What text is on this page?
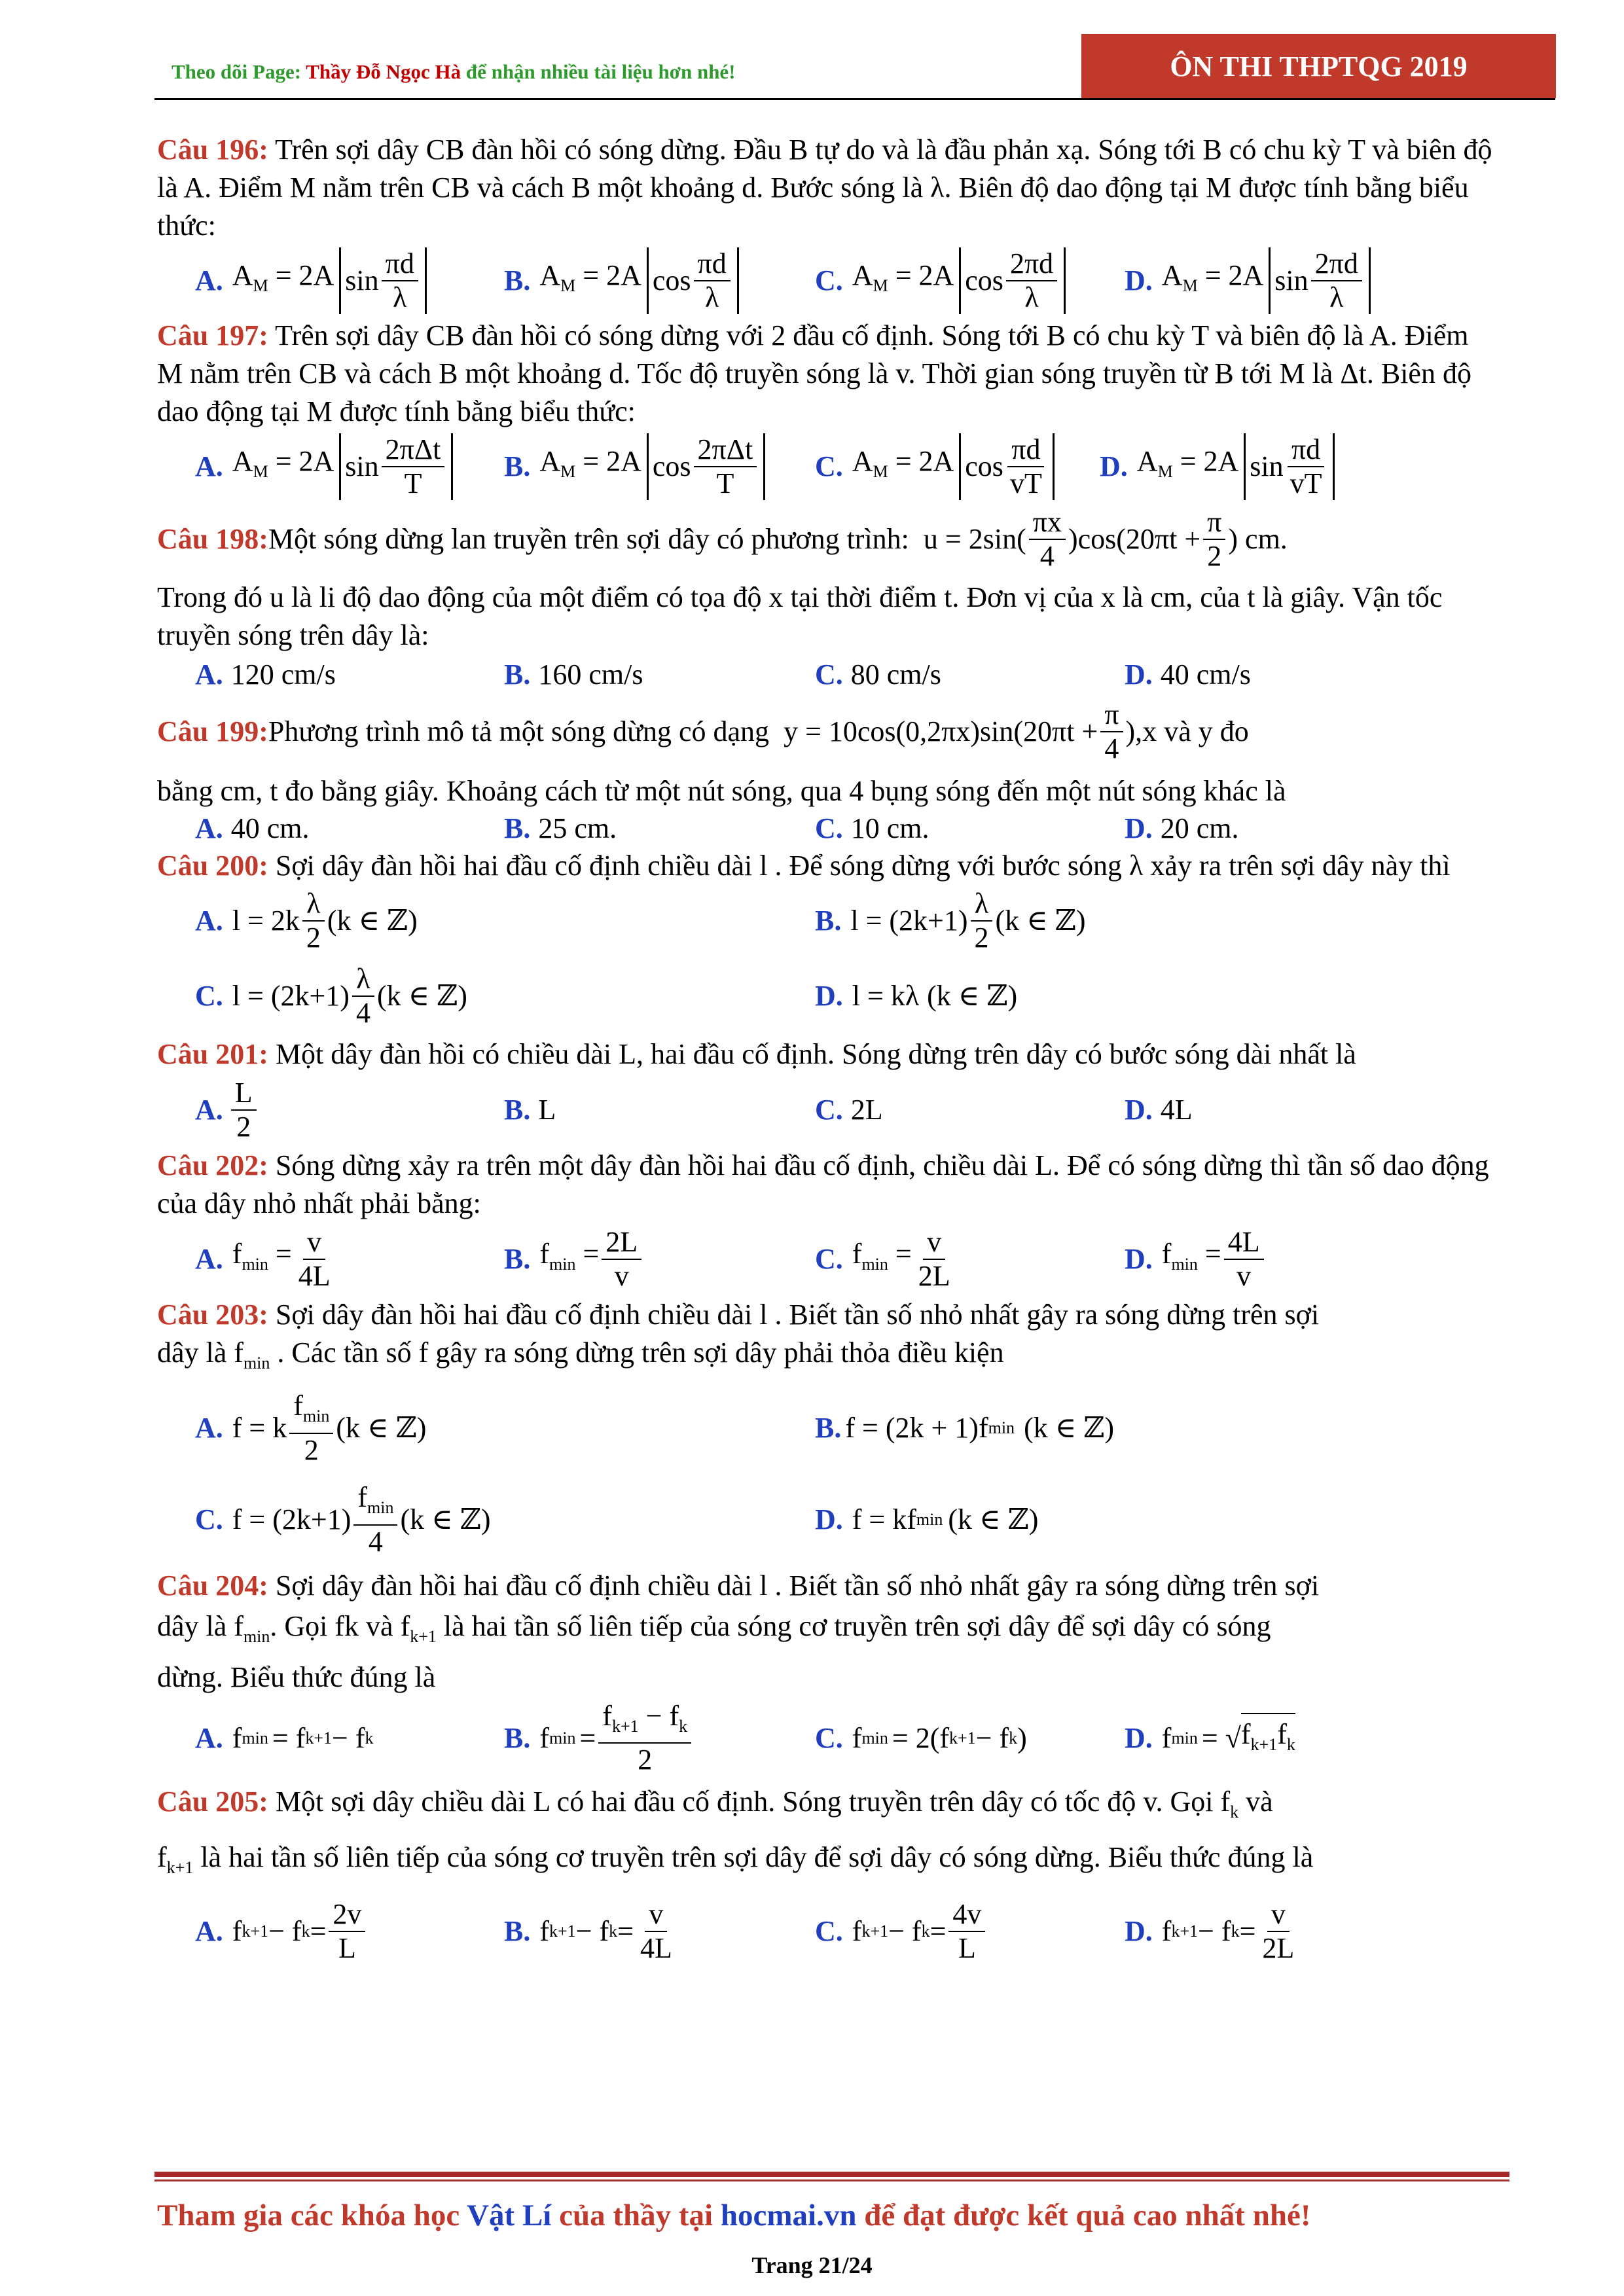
Theo dõi Page: Thầy Đỗ Ngọc Hà để nhận nhiều tài liệu hơn nhé!	ÔN THI THPTQG 2019

Câu 196: Trên sợi dây CB đàn hồi có sóng dừng. Đầu B tự do và là đầu phản xạ. Sóng tới B có chu kỳ T và biên độ là A. Điểm M nằm trên CB và cách B một khoảng d. Bước sóng là λ. Biên độ dao động tại M được tính bằng biểu thức:

A. $A_M = 2A$ $\sin \frac{\pi d}{\lambda}$	B. $A_M = 2A$ $\cos \frac{\pi d}{\lambda}$	C. $A_M = 2A$ $\cos \frac{2\pi d}{\lambda} D$. $A_M = 2A$ $\sin \frac{2\pi d}{\lambda}$

Câu 197: Trên sợi dây CB đàn hồi có sóng dừng với 2 đầu cố định. Sóng tới B có chu kỳ T và biên độ là A. Điểm M nằm trên CB và cách B một khoảng d. Tốc độ truyền sóng là v. Thời gian sóng truyền từ B tới M là Δt. Biên độ dao động tại M được tính bằng biểu thức:

A. $A_M = 2A$ $\sin \frac{\text{2πΔt}}{T} B$. $A_M = 2A$ $\cos \frac{\text{2πΔt}}{T} C$. $A_M = 2A$ $\cos \frac{\pi d}{vT} D$. $A_M = 2A$ $\sin \frac{\pi d}{vT}$
Câu 198: Một sóng dừng lan truyền trên sợi dây có phương trình: $u = 2\sin( \frac{\pi x}{4} )\cos(20\pi t + \frac{\pi}{2}$ ) cm.

Trong đó u là li độ dao động của một điểm có tọa độ x tại thời điểm t. Đơn vị của x là cm, của t là giây. Vận tốc truyền sóng trên dây là:

A. 120 cm/s	B. 160 cm/s	C. 80 cm/s	D. 40 cm/s
Câu 199: Phương trình mô tả một sóng dừng có dạng $y = 10\cos(0,2\pi x)\sin(20\pi t + \frac{\pi}{4}$ ), x và y đo

bằng cm, t đo bằng giây. Khoảng cách từ một nút sóng, qua 4 bụng sóng đến một nút sóng khác là

A. 40 cm.	B. 25 cm.	C. 10 cm.	D. 20 cm.

Câu 200: Sợi dây đàn hồi hai đầu cố định chiều dài l . Để sóng dừng với bước sóng λ xảy ra trên sợi dây này thì

A. $l = 2k \frac{\lambda}{2} (k$ ∈ ℤ)	B. $l = (2k+1) \frac{\lambda}{2} (k$ ∈ ℤ)
C. $l = (2k+1) \frac{\lambda}{4} (k$ ∈ ℤ)	D. l = kλ (k ∈ ℤ)

Câu 201: Một dây đàn hồi có chiều dài L, hai đầu cố định. Sóng dừng trên dây có bước sóng dài nhất là

A. $\frac{L}{2}$	B. L	C. 2L	D. 4L

Câu 202: Sóng dừng xảy ra trên một dây đàn hồi hai đầu cố định, chiều dài L. Để có sóng dừng thì tần số dao động của dây nhỏ nhất phải bằng:

A. $f_{min} = \frac{v}{4L}$	B. $f_{min} = \frac{2L}{v}$	C. $f_{min} = \frac{v}{2L}$	D. $f_{min} = \frac{4L}{v}$

Câu 203: Sợi dây đàn hồi hai đầu cố định chiều dài l . Biết tần số nhỏ nhất gây ra sóng dừng trên sợi
dây là $f_{min}$ . Các tần số f gây ra sóng dừng trên sợi dây phải thỏa điều kiện

A. f = k $\frac{f_{min}}{2} (k$ ∈ ℤ)	B. f = (2k + 1)f min (k ∈ ℤ)
C. $f = (2k+1) \frac{f_{min}}{4} (k$ ∈ ℤ)	D. f = kf min (k ∈ ℤ)

Câu 204: Sợi dây đàn hồi hai đầu cố định chiều dài l . Biết tần số nhỏ nhất gây ra sóng dừng trên sợi
dây là $f_{min}$. Gọi fk và $f_{k+1}$ là hai tần số liên tiếp của sóng cơ truyền trên sợi dây để sợi dây có sóng
dừng. Biểu thức đúng là

A. f min = f k+1 − f k	B. f $\min = \frac{f_{k+1} - f_k}{2}$	C. f min = 2(f k+1 − f k )	D. f min = √ $f_{k+1}f_k$

Câu 205: Một sợi dây chiều dài L có hai đầu cố định. Sóng truyền trên dây có tốc độ v. Gọi $f_k$ và
$f_{k+1}$ là hai tần số liên tiếp của sóng cơ truyền trên sợi dây để sợi dây có sóng dừng. Biểu thức đúng là

A. f k+1 − f $k = \frac{2v}{L}$	B. f k+1 − f $k = \frac{v}{4L}$	C. f k+1 − f $k = \frac{4v}{L}$	D. f k+1 − f $k = \frac{v}{2L}$
Tham gia các khóa học Vật Lí của thầy tại hocmai.vn để đạt được kết quả cao nhất nhé!
Trang 21/24
